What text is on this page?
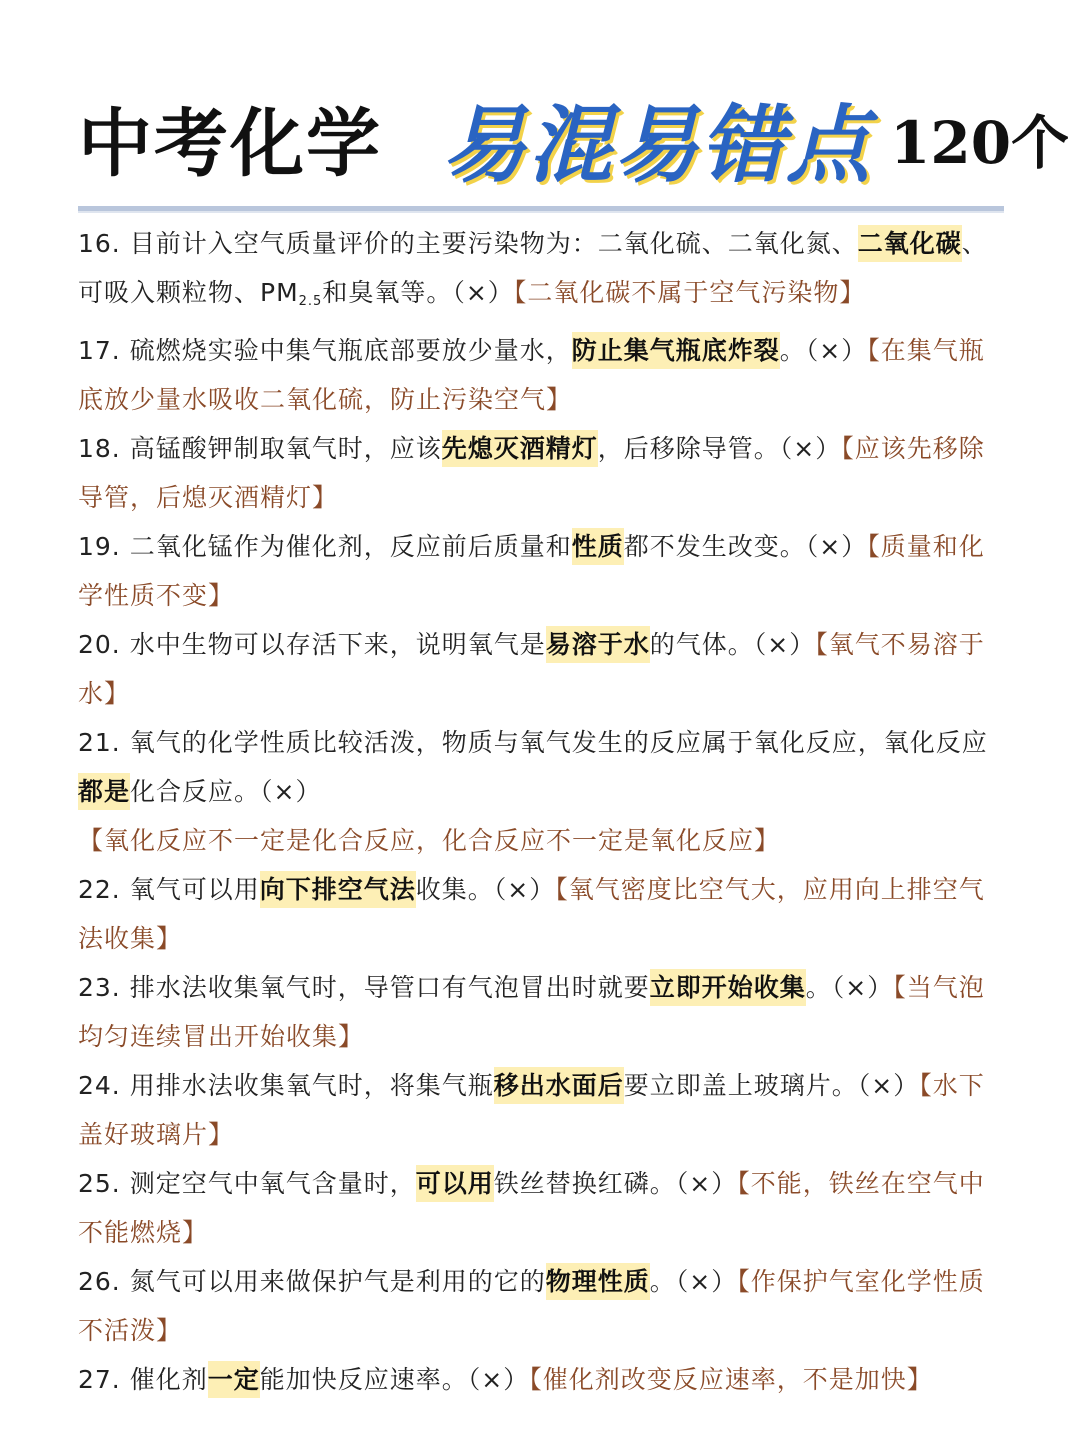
中考化学 易混易错点 120个

16. 目前计入空气质量评价的主要污染物为：二氧化硫、二氧化氮、二氧化碳、可吸入颗粒物、PM2.5和臭氧等。（×）【二氧化碳不属于空气污染物】

17. 硫燃烧实验中集气瓶底部要放少量水，防止集气瓶底炸裂。（×）【在集气瓶底放少量水吸收二氧化硫，防止污染空气】

18. 高锰酸钾制取氧气时，应该先熄灭酒精灯，后移除导管。（×）【应该先移除导管，后熄灭酒精灯】

19. 二氧化锰作为催化剂，反应前后质量和性质都不发生改变。（×）【质量和化学性质不变】

20. 水中生物可以存活下来，说明氧气是易溶于水的气体。（×）【氧气不易溶于水】

21. 氧气的化学性质比较活泼，物质与氧气发生的反应属于氧化反应，氧化反应都是化合反应。（×）【氧化反应不一定是化合反应，化合反应不一定是氧化反应】

22. 氧气可以用向下排空气法收集。（×）【氧气密度比空气大，应用向上排空气法收集】

23. 排水法收集氧气时，导管口有气泡冒出时就要立即开始收集。（×）【当气泡均匀连续冒出开始收集】

24. 用排水法收集氧气时，将集气瓶移出水面后要立即盖上玻璃片。（×）【水下盖好玻璃片】

25. 测定空气中氧气含量时，可以用铁丝替换红磷。（×）【不能，铁丝在空气中不能燃烧】

26. 氮气可以用来做保护气是利用的它的物理性质。（×）【作保护气室化学性质不活泼】

27. 催化剂一定能加快反应速率。（×）【催化剂改变反应速率，不是加快】
